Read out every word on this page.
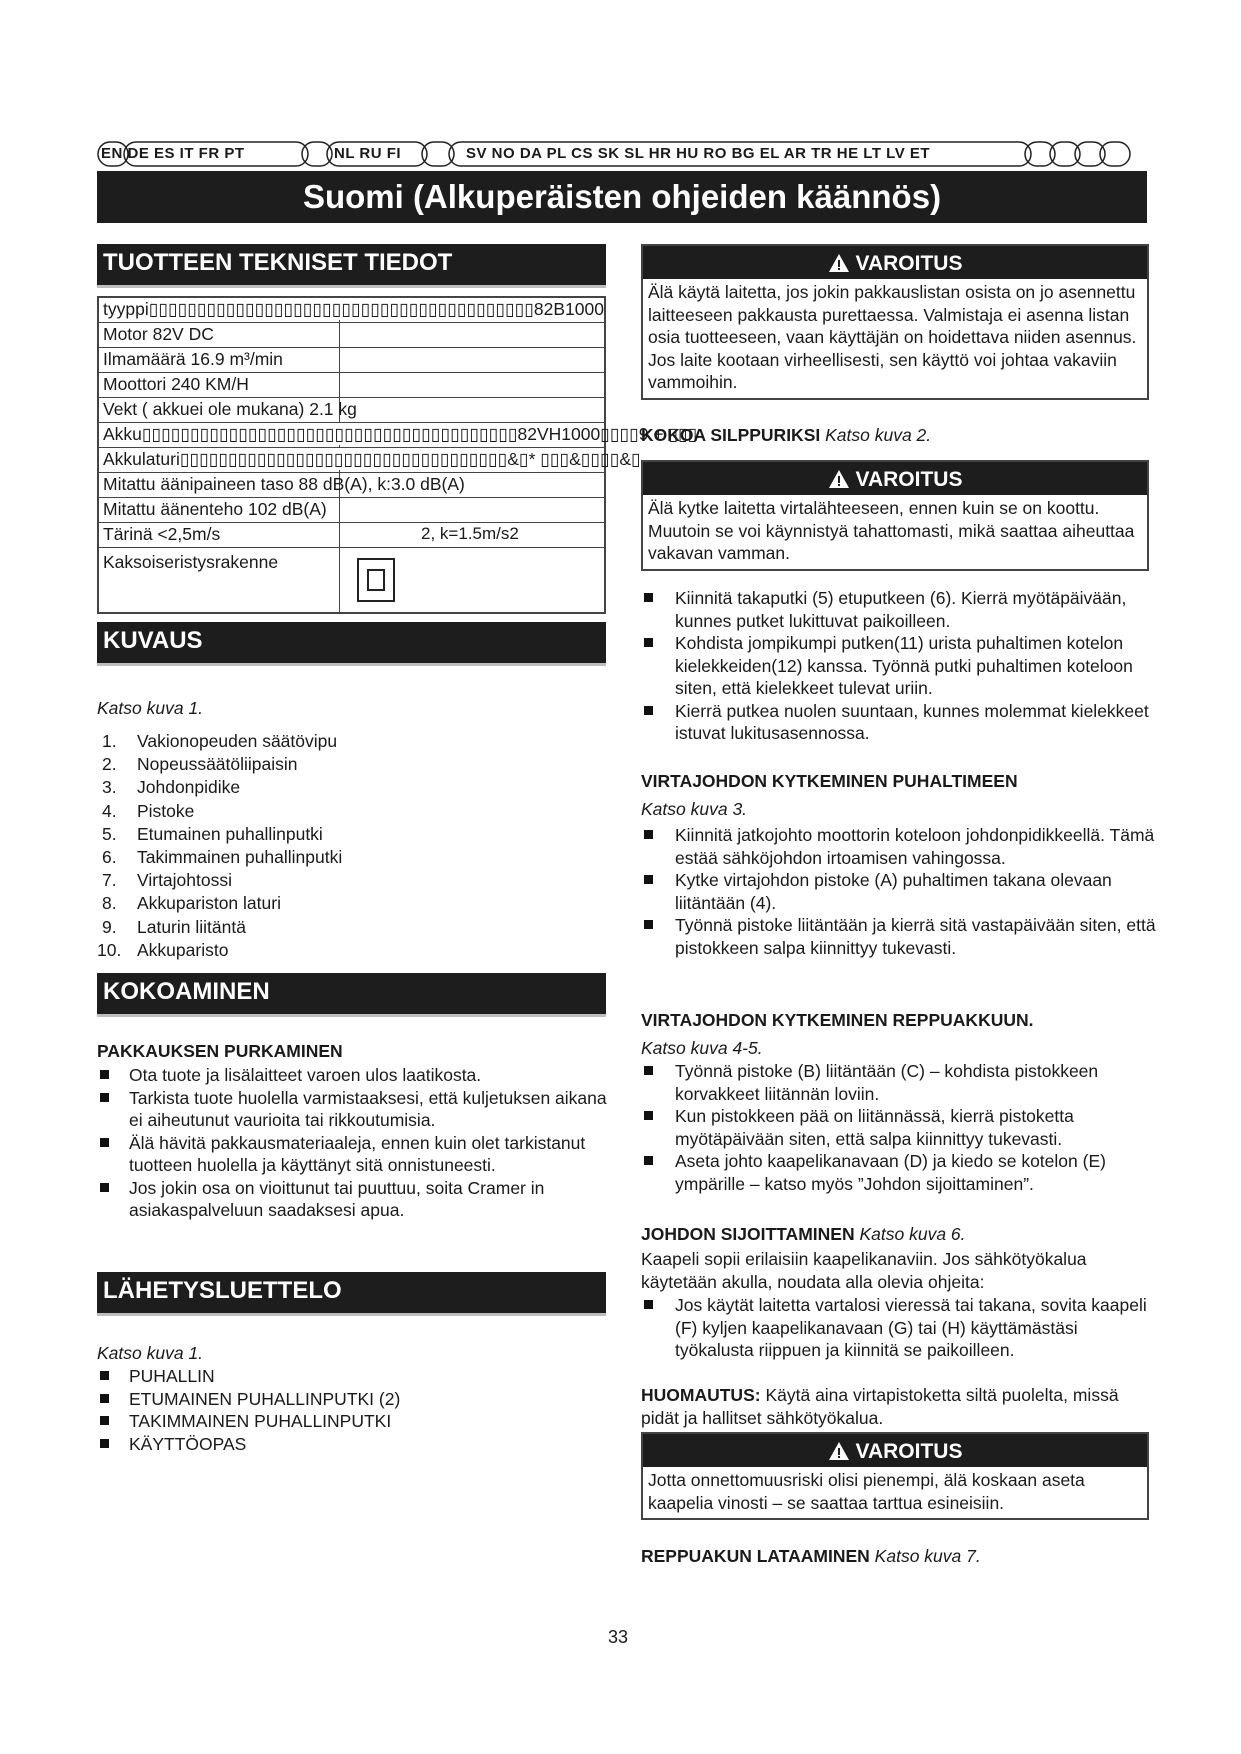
EN DE ES IT FR PT	NL RU FI	SV NO DA PL CS SK SL HR HU RO BG EL AR TR HE LT LV ET
Suomi (Alkuperäisten ohjeiden käännös)
TUOTTEEN TEKNISET TIEDOT
tyyppi▯▯▯▯▯▯▯▯▯▯▯▯▯▯▯▯▯▯▯▯▯▯▯▯▯▯▯▯▯▯▯▯▯▯▯▯▯▯▯▯82B1000
Motor 82V DC
Ilmamäärä 16.9 m³/min
Moottori 240 KM/H
Vekt ( akkuei ole mukana) 2.1 kg
Akku▯▯▯▯▯▯▯▯▯▯▯▯▯▯▯▯▯▯▯▯▯▯▯▯▯▯▯▯▯▯▯▯▯▯▯▯▯▯▯82VH1000▯▯▯▯9 + ▯▯▯
Akkulaturi▯▯▯▯▯▯▯▯▯▯▯▯▯▯▯▯▯▯▯▯▯▯▯▯▯▯▯▯▯▯▯▯▯▯&▯* ▯▯▯&▯▯▯▯&▯
Mitattu äänipaineen taso 88 dB(A), k:3.0 dB(A)
Mitattu äänenteho 102 dB(A)
Tärinä <2,5m/s	2, k=1.5m/s2
Kaksoiseristysrakenne
KUVAUS
Katso kuva 1.
1.	Vakionopeuden säätövipu
2.	Nopeussäätöliipaisin
3.	Johdonpidike
4.	Pistoke
5.	Etumainen puhallinputki
6.	Takimmainen puhallinputki
7.	Virtajohtossi
8.	Akkupariston laturi
9.	Laturin liitäntä
10. Akkuparisto
KOKOAMINEN
PAKKAUKSEN PURKAMINEN
Ota tuote ja lisälaitteet varoen ulos laatikosta.
Tarkista tuote huolella varmistaaksesi, että kuljetuksen aikana ei aiheutunut vaurioita tai rikkoutumisia.
Älä hävitä pakkausmateriaaleja, ennen kuin olet tarkistanut tuotteen huolella ja käyttänyt sitä onnistuneesti.
Jos jokin osa on vioittunut tai puuttuu, soita Cramer in asiakaspalveluun saadaksesi apua.
LÄHETYSLUETTELO
Katso kuva 1.
PUHALLIN
ETUMAINEN PUHALLINPUTKI (2)
TAKIMMAINEN PUHALLINPUTKI
KÄYTTÖOPAS
VAROITUS
Älä käytä laitetta, jos jokin pakkauslistan osista on jo asennettu laitteeseen pakkausta purettaessa. Valmistaja ei asenna listan osia tuotteeseen, vaan käyttäjän on hoidettava niiden asennus. Jos laite kootaan virheellisesti, sen käyttö voi johtaa vakaviin vammoihin.
KOKOA SILPPURIKSI Katso kuva 2.
VAROITUS
Älä kytke laitetta virtalähteeseen, ennen kuin se on koottu. Muutoin se voi käynnistyä tahattomasti, mikä saattaa aiheuttaa vakavan vamman.
Kiinnitä takaputki (5) etuputkeen (6). Kierrä myötäpäivään, kunnes putket lukittuvat paikoilleen.
Kohdista jompikumpi putken(11) urista puhaltimen kotelon kielekkeiden(12) kanssa. Työnnä putki puhaltimen koteloon siten, että kielekkeet tulevat uriin.
Kierrä putkea nuolen suuntaan, kunnes molemmat kielekkeet istuvat lukitusasennossa.
VIRTAJOHDON KYTKEMINEN PUHALTIMEEN
Katso kuva 3.
Kiinnitä jatkojohto moottorin koteloon johdonpidikkeellä. Tämä estää sähköjohdon irtoamisen vahingossa.
Kytke virtajohdon pistoke (A) puhaltimen takana olevaan liitäntään (4).
Työnnä pistoke liitäntään ja kierrä sitä vastapäivään siten, että pistokkeen salpa kiinnittyy tukevasti.
VIRTAJOHDON KYTKEMINEN REPPUAKKUUN.
Katso kuva 4-5.
Työnnä pistoke (B) liitäntään (C) – kohdista pistokkeen korvakkeet liitännän loviin.
Kun pistokkeen pää on liitännässä, kierrä pistoketta myötäpäivään siten, että salpa kiinnittyy tukevasti.
Aseta johto kaapelikanavaan (D) ja kiedo se kotelon (E) ympärille – katso myös ”Johdon sijoittaminen”.
JOHDON SIJOITTAMINEN Katso kuva 6.
Kaapeli sopii erilaisiin kaapelikanaviin. Jos sähkötyökalua käytetään akulla, noudata alla olevia ohjeita:
Jos käytät laitetta vartalosi vieressä tai takana, sovita kaapeli (F) kyljen kaapelikanavaan (G) tai (H) käyttämästäsi työkalusta riippuen ja kiinnitä se paikoilleen.
HUOMAUTUS: Käytä aina virtapistoketta siltä puolelta, missä pidät ja hallitset sähkötyökalua.
VAROITUS
Jotta onnettomuusriski olisi pienempi, älä koskaan aseta kaapelia vinosti – se saattaa tarttua esineisiin.
REPPUAKUN LATAAMINEN Katso kuva 7.
33
